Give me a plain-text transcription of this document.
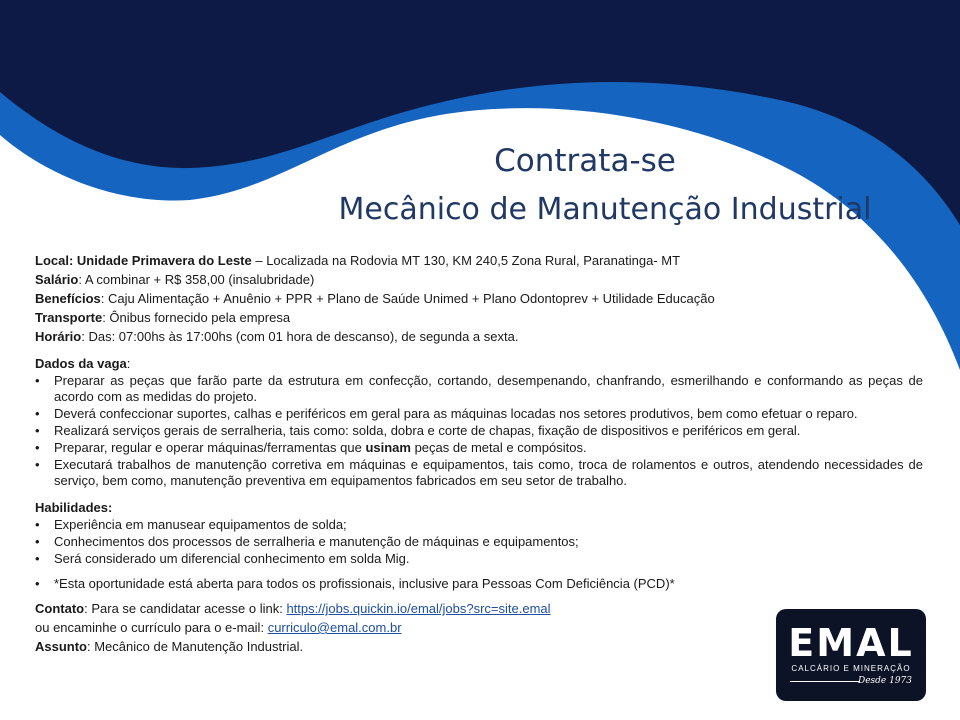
Contrata-se
Mecânico de Manutenção Industrial

Local: Unidade Primavera do Leste – Localizada na Rodovia MT 130, KM 240,5 Zona Rural, Paranatinga- MT

Salário: A combinar + R$ 358,00 (insalubridade)

Benefícios: Caju Alimentação + Anuênio + PPR + Plano de Saúde Unimed + Plano Odontoprev + Utilidade Educação

Transporte: Ônibus fornecido pela empresa

Horário: Das: 07:00hs às 17:00hs (com 01 hora de descanso), de segunda a sexta.

Dados da vaga:

• Preparar as peças que farão parte da estrutura em confecção, cortando, desempenando, chanfrando, esmerilhando e conformando as peças de acordo com as medidas do projeto.
• Deverá confeccionar suportes, calhas e periféricos em geral para as máquinas locadas nos setores produtivos, bem como efetuar o reparo.
• Realizará serviços gerais de serralheria, tais como: solda, dobra e corte de chapas, fixação de dispositivos e periféricos em geral.
• Preparar, regular e operar máquinas/ferramentas que usinam peças de metal e compósitos.
• Executará trabalhos de manutenção corretiva em máquinas e equipamentos, tais como, troca de rolamentos e outros, atendendo necessidades de serviço, bem como, manutenção preventiva em equipamentos fabricados em seu setor de trabalho.

Habilidades:

• Experiência em manusear equipamentos de solda;
• Conhecimentos dos processos de serralheria e manutenção de máquinas e equipamentos;
• Será considerado um diferencial conhecimento em solda Mig.
• *Esta oportunidade está aberta para todos os profissionais, inclusive para Pessoas Com Deficiência (PCD)*

Contato: Para se candidatar acesse o link: https://jobs.quickin.io/emal/jobs?src=site.emal

ou encaminhe o currículo para o e-mail: curriculo@emal.com.br

Assunto: Mecânico de Manutenção Industrial.	EMAL
CALCÁRIO E MINERAÇÃO
Desde 1973
